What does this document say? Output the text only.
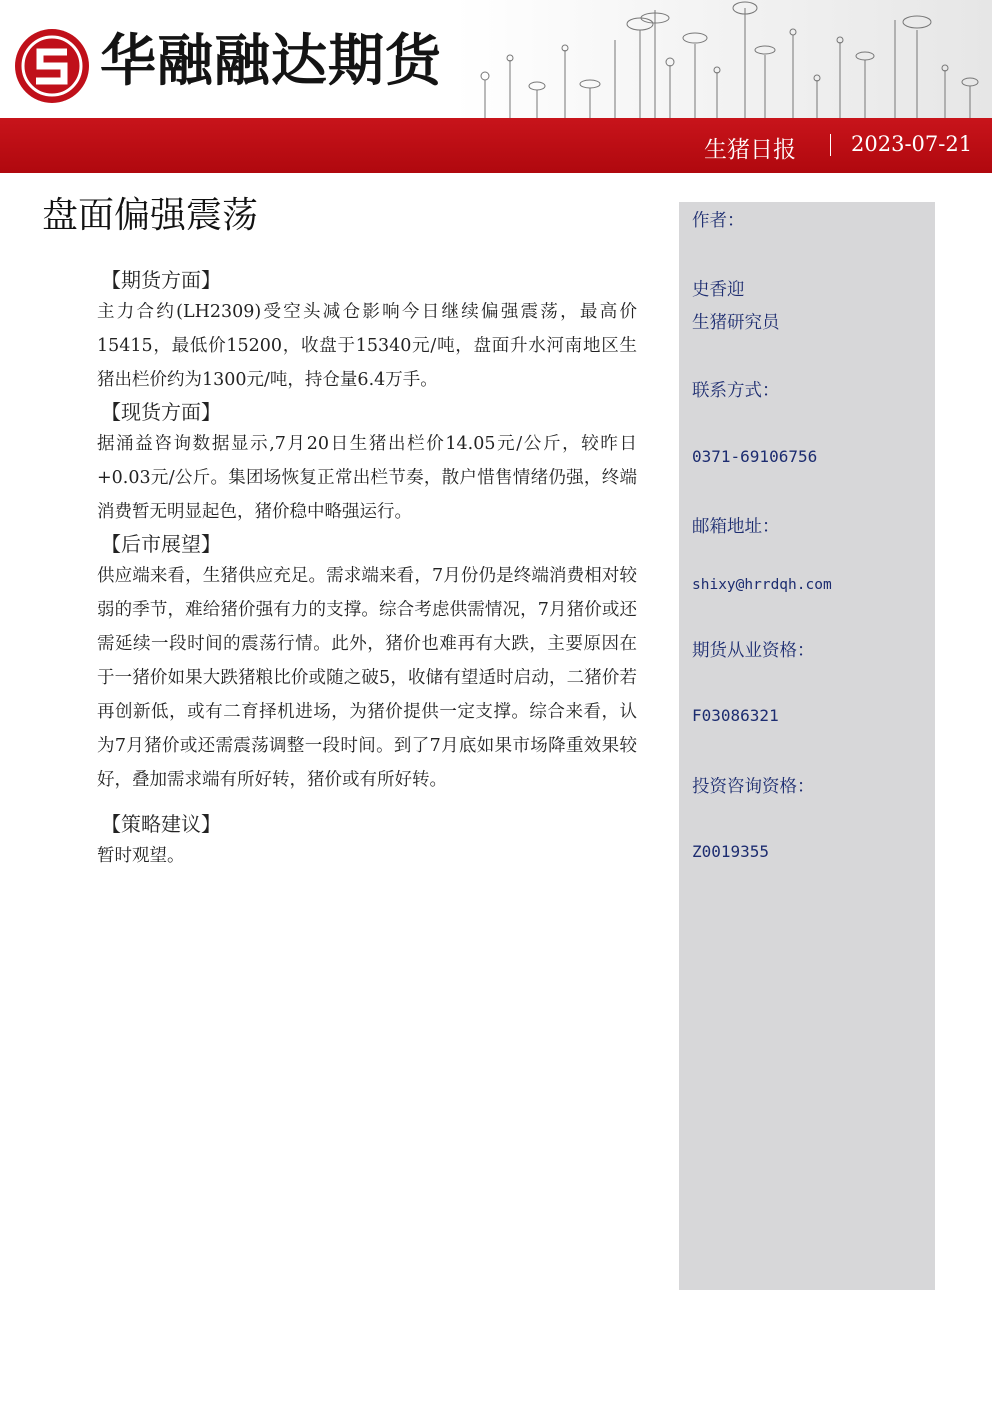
华融融达期货
生猪日报	2023-07-21
盘面偏强震荡
【期货方面】

主力合约(LH2309)受空头减仓影响今日继续偏强震荡，最高价15415，最低价15200，收盘于15340元/吨，盘面升水河南地区生猪出栏价约为1300元/吨，持仓量6.4万手。

【现货方面】

据涌益咨询数据显示,7月20日生猪出栏价14.05元/公斤，较昨日+0.03元/公斤。集团场恢复正常出栏节奏，散户惜售情绪仍强，终端消费暂无明显起色，猪价稳中略强运行。

【后市展望】

供应端来看，生猪供应充足。需求端来看，7月份仍是终端消费相对较弱的季节，难给猪价强有力的支撑。综合考虑供需情况，7月猪价或还需延续一段时间的震荡行情。此外，猪价也难再有大跌，主要原因在于一猪价如果大跌猪粮比价或随之破5，收储有望适时启动，二猪价若再创新低，或有二育择机进场，为猪价提供一定支撑。综合来看，认为7月猪价或还需震荡调整一段时间。到了7月底如果市场降重效果较好，叠加需求端有所好转，猪价或有所好转。

【策略建议】

暂时观望。

作者：
史香迎
生猪研究员
联系方式：
0371-69106756
邮箱地址：
shixy@hrrdqh.com
期货从业资格：
F03086321
投资咨询资格：
Z0019355
